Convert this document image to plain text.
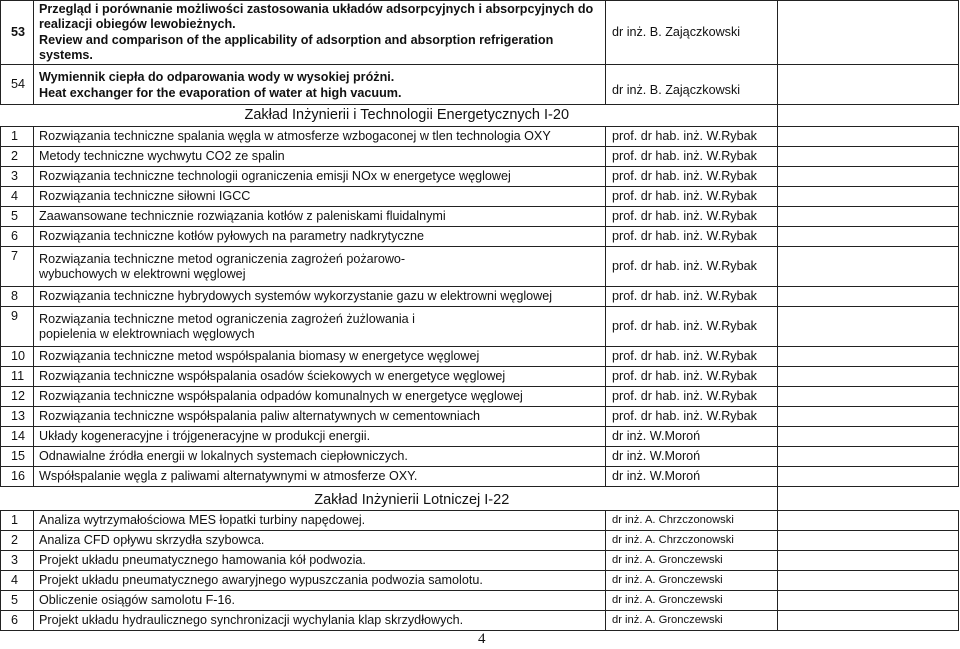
53	Przegląd i porównanie możliwości zastosowania układów adsorpcyjnych i absorpcyjnych do
realizacji obiegów lewobieżnych.
Review and comparison of the applicability of adsorption and absorption refrigeration
systems.	dr inż. B. Zajączkowski	
54	Wymiennik ciepła do odparowania wody w wysokiej próżni.
Heat exchanger for the evaporation of water at high vacuum.	dr inż. B. Zajączkowski	
Zakład Inżynierii i Technologii Energetycznych I-20			
1	Rozwiązania techniczne spalania węgla w atmosferze wzbogaconej w tlen technologia OXY	prof. dr hab. inż. W.Rybak	
2	Metody techniczne wychwytu CO2 ze spalin	prof. dr hab. inż. W.Rybak	
3	Rozwiązania techniczne technologii ograniczenia emisji NOx w energetyce węglowej	prof. dr hab. inż. W.Rybak	
4	Rozwiązania techniczne siłowni IGCC	prof. dr hab. inż. W.Rybak	
5	Zaawansowane technicznie rozwiązania kotłów z paleniskami fluidalnymi	prof. dr hab. inż. W.Rybak	
6	Rozwiązania techniczne kotłów pyłowych na parametry nadkrytyczne	prof. dr hab. inż. W.Rybak	
7	Rozwiązania techniczne metod ograniczenia zagrożeń pożarowo-wybuchowych w elektrowni węglowej	prof. dr hab. inż. W.Rybak	
8	Rozwiązania techniczne hybrydowych systemów wykorzystanie gazu w elektrowni węglowej	prof. dr hab. inż. W.Rybak	
9	Rozwiązania techniczne metod ograniczenia zagrożeń żużlowania i popielenia w elektrowniach węglowych	prof. dr hab. inż. W.Rybak	
10	Rozwiązania techniczne metod współspalania biomasy w energetyce węglowej	prof. dr hab. inż. W.Rybak	
11	Rozwiązania techniczne współspalania osadów ściekowych w energetyce węglowej	prof. dr hab. inż. W.Rybak	
12	Rozwiązania techniczne współspalania odpadów komunalnych w energetyce węglowej	prof. dr hab. inż. W.Rybak	
13	Rozwiązania techniczne współspalania paliw alternatywnych w cementowniach	prof. dr hab. inż. W.Rybak	
14	Układy kogeneracyjne i trójgeneracyjne w produkcji energii.	dr inż. W.Moroń	
15	Odnawialne źródła energii w lokalnych systemach ciepłowniczych.	dr inż. W.Moroń	
16	Współspalanie węgla z paliwami alternatywnymi w atmosferze OXY.	dr inż. W.Moroń	
Zakład Inżynierii Lotniczej I-22			
1	Analiza wytrzymałościowa MES łopatki turbiny napędowej.	dr inż. A. Chrzczonowski	
2	Analiza CFD opływu skrzydła szybowca.	dr inż. A. Chrzczonowski	
3	Projekt układu pneumatycznego hamowania kół podwozia.	dr inż. A. Gronczewski	
4	Projekt układu pneumatycznego awaryjnego wypuszczania podwozia samolotu.	dr inż. A. Gronczewski	
5	Obliczenie osiągów samolotu F-16.	dr inż. A. Gronczewski	
6	Projekt układu hydraulicznego synchronizacji wychylania klap skrzydłowych.	dr inż. A. Gronczewski	
4
